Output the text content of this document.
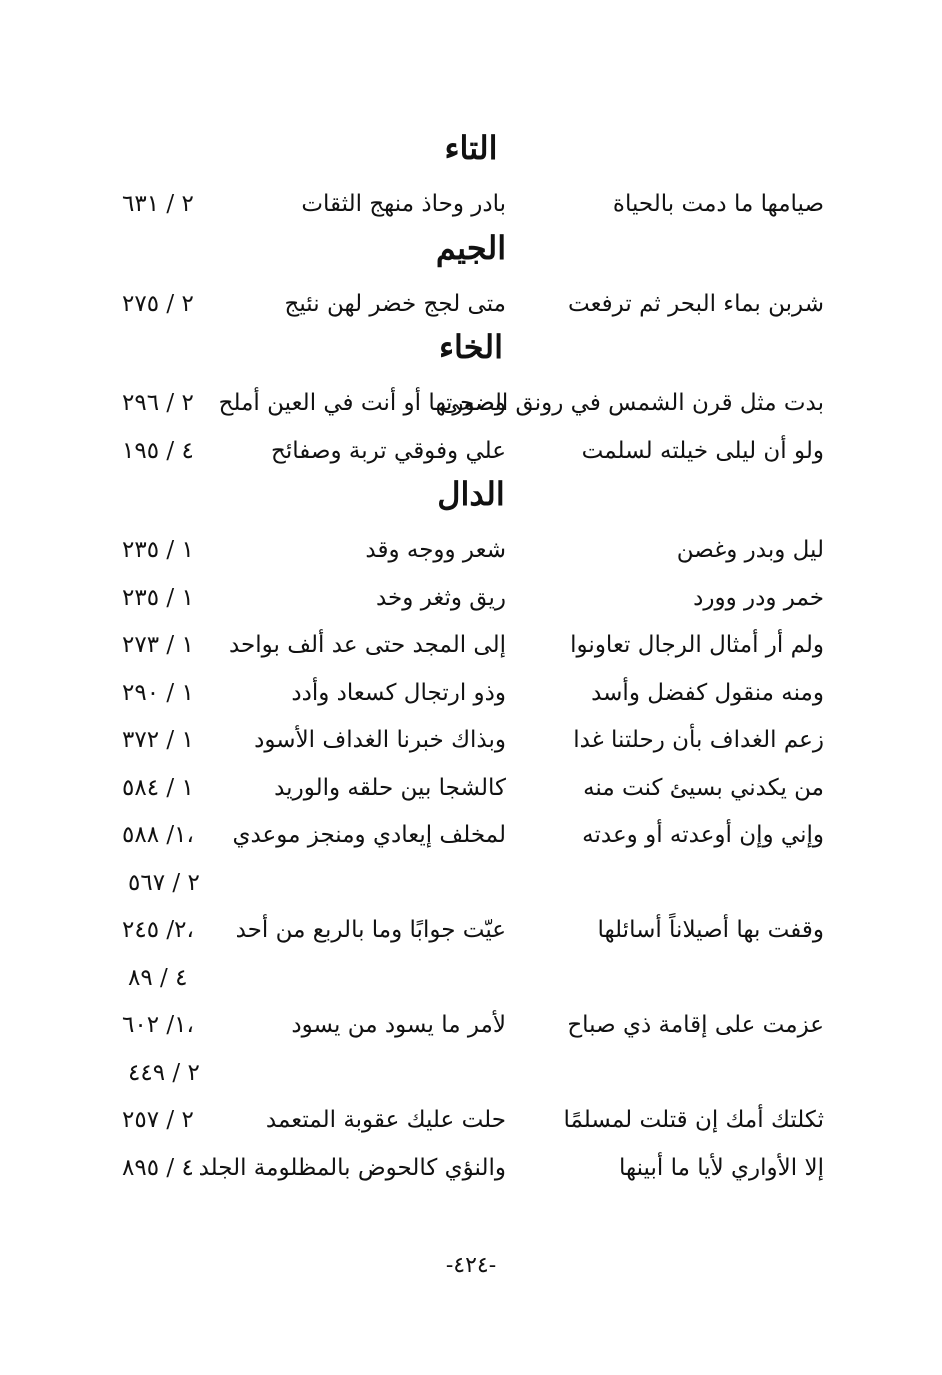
التاء
صيامها ما دمت بالحياة
بادر وحاذ منهج الثقات
٢ / ٦٣١
الجيم
شربن بماء البحر ثم ترفعت
متى لجج خضر لهن نئيج
٢ / ٢٧٥
الخاء
بدت مثل قرن الشمس في رونق الضحى
وصورتها أو أنت في العين أملح
٢ / ٢٩٦
ولو أن ليلى خيلته لسلمت
علي وفوقي تربة وصفائح
٤ / ١٩٥
الدال
ليل وبدر وغصن
شعر ووجه وقد
١ / ٢٣٥
خمر ودر وورد
ريق وثغر وخد
١ / ٢٣٥
ولم أر أمثال الرجال تعاونوا
إلى المجد حتى عد ألف بواحد
١ / ٢٧٣
ومنه منقول كفضل وأسد
وذو ارتجال كسعاد وأدد
١ / ٢٩٠
زعم الغداف بأن رحلتنا غدا
وبذاك خبرنا الغداف الأسود
١ / ٣٧٢
من يكدني بسيئ كنت منه
كالشجا بين حلقه والوريد
١ / ٥٨٤
وإني وإن أوعدته أو وعدته
لمخلف إيعادي ومنجز موعدي
١/ ٥٨٨،
٢ / ٥٦٧
وقفت بها أصيلاناً أسائلها
عيّت جوابًا وما بالربع من أحد
٢/ ٢٤٥،
٤ / ٨٩
عزمت على إقامة ذي صباح
لأمر ما يسود من يسود
١/ ٦٠٢،
٢ / ٤٤٩
ثكلتك أمك إن قتلت لمسلمًا
حلت عليك عقوبة المتعمد
٢ / ٢٥٧
إلا الأواري لأيا ما أبينها
والنؤي كالحوض بالمظلومة الجلد
٤ / ٨٩٥
-٤٢٤-
